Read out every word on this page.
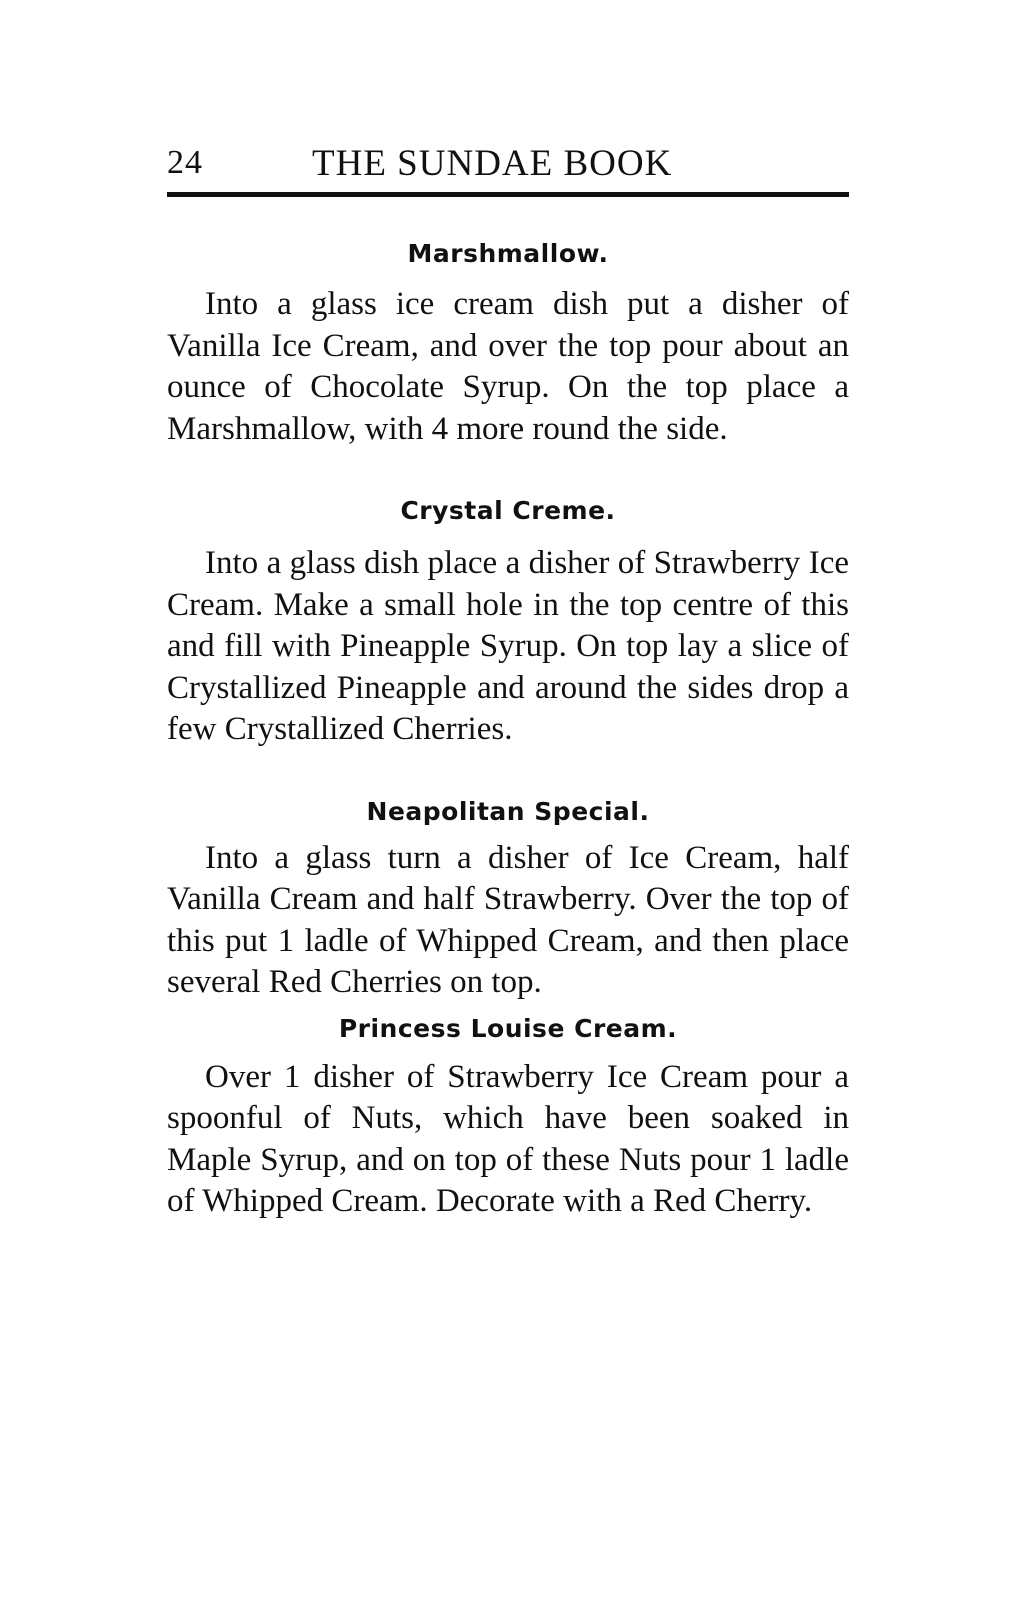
24	THE SUNDAE BOOK
Marshmallow.

Into a glass ice cream dish put a disher of Vanilla Ice Cream, and over the top pour about an ounce of Chocolate Syrup. On the top place a Marshmallow, with 4 more round the side.

Crystal Creme.

Into a glass dish place a disher of Strawberry Ice Cream. Make a small hole in the top centre of this and fill with Pineapple Syrup. On top lay a slice of Crystallized Pineapple and around the sides drop a few Crystallized Cherries.

Neapolitan Special.

Into a glass turn a disher of Ice Cream, half Vanilla Cream and half Strawberry. Over the top of this put 1 ladle of Whipped Cream, and then place several Red Cherries on top.

Princess Louise Cream.

Over 1 disher of Strawberry Ice Cream pour a spoonful of Nuts, which have been soaked in Maple Syrup, and on top of these Nuts pour 1 ladle of Whipped Cream. Decorate with a Red Cherry.
